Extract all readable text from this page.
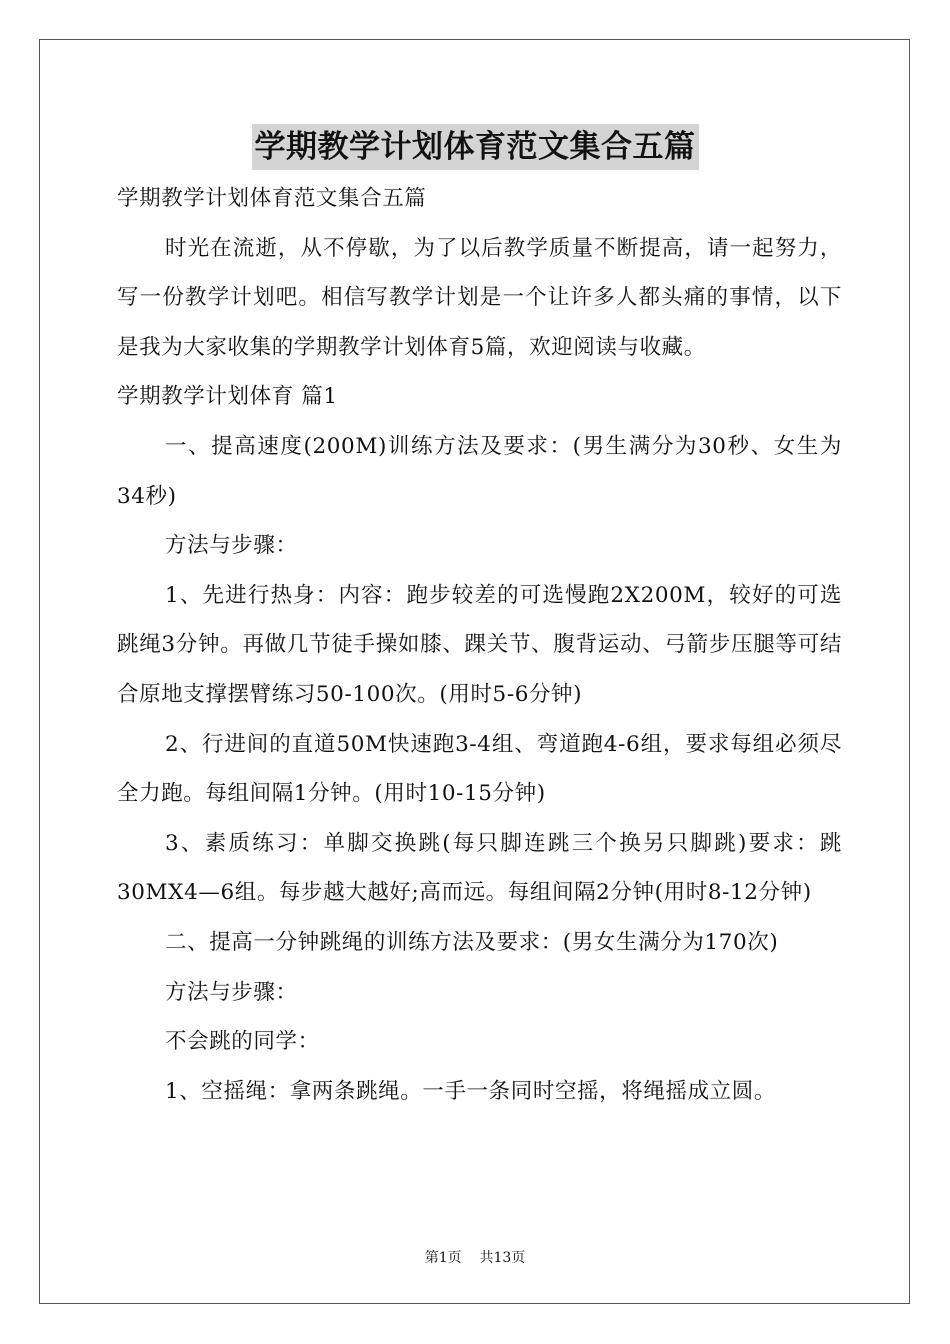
学期教学计划体育范文集合五篇

学期教学计划体育范文集合五篇

时光在流逝，从不停歇，为了以后教学质量不断提高，请一起努力，写一份教学计划吧。相信写教学计划是一个让许多人都头痛的事情，以下是我为大家收集的学期教学计划体育5篇，欢迎阅读与收藏。

学期教学计划体育 篇1

一、提高速度(200M)训练方法及要求：(男生满分为30秒、女生为34秒)

方法与步骤：

1、先进行热身：内容：跑步较差的可选慢跑2X200M，较好的可选跳绳3分钟。再做几节徒手操如膝、踝关节、腹背运动、弓箭步压腿等可结合原地支撑摆臂练习50-100次。(用时5-6分钟)

2、行进间的直道50M快速跑3-4组、弯道跑4-6组，要求每组必须尽全力跑。每组间隔1分钟。(用时10-15分钟)

3、素质练习：单脚交换跳(每只脚连跳三个换另只脚跳)要求：跳30MX4—6组。每步越大越好;高而远。每组间隔2分钟(用时8-12分钟)

二、提高一分钟跳绳的训练方法及要求：(男女生满分为170次)

方法与步骤：

不会跳的同学：

1、空摇绳：拿两条跳绳。一手一条同时空摇，将绳摇成立圆。

第1页    共13页
